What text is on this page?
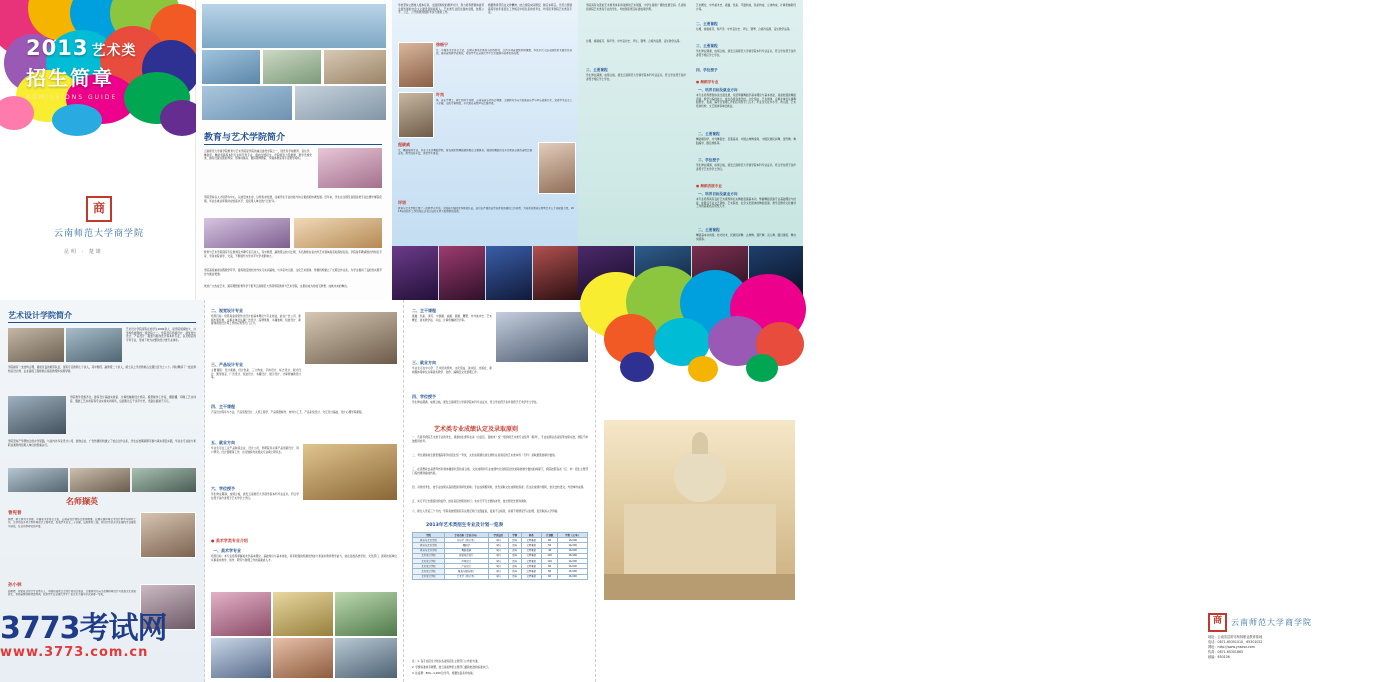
2013 艺术类
招生简章
ADMISSIONS GUIDE
商
云南师范大学商学院
昆明 · 楚雄
教育与艺术学院简介
云南师范大学商学院教育与艺术学院是学院的重点建设学院之一，现设有学前教育、音乐学、舞蹈学、舞蹈表演等本科专业和专科专业，面向全国招生。学院师资力量雄厚，教学设施先进，拥有设备完善的琴房、形体训练房、数码钢琴教室、多媒体教室等专业教学场所。
学院坚持以人才培养为中心，以质量求生存，以特色求发展，注重学生专业技能与综合素质的协调发展。近年来，学生在全国及省级各类专业比赛中屡获佳绩，毕业生就业率保持在较高水平，受到用人单位的广泛好评。
教育与艺术学院现有专任教师及外聘专家百余人，其中教授、副教授占较大比例，多名教师在省内外艺术领域具有较高知名度。学院常年聘请国内外知名专家、学者来院讲学、交流，不断提升办学水平与学术影响力。
学院高度重视实践教学环节，建有稳定的校内外实习实训基地，与多家幼儿园、文化艺术团体、传媒机构建立了长期合作关系，为学生提供了良好的实践平台与就业渠道。
欢迎广大热爱艺术、富有理想的青年学子报考云南师范大学商学院教育与艺术学院，这里将成为你放飞梦想、成就未来的舞台。
学校坚持立德树人根本任务，全面贯彻党的教育方针，努力培养德智体美劳全面发展的社会主义建设者和接班人。艺术类专业招生面向全国，按照公平、公正、公开的原则组织考试与录取工作。
根据教育部有关文件精神，结合我院实际情况，制定本简章。凡符合普通高等学校年度招生工作规定中报名条件的考生，均可报考我院艺术类各专业。
徐畅宁
女，中国美术家协会会员，长期从事美术教育与创作研究，主持多项省部级科研课题，作品多次入选全国性美术展览并获奖。曾获省级教学成果奖，指导学生在全国大学生艺术展演中获得优异成绩。
叶岚
男，音乐学博士，硕士研究生导师，云南省音乐家协会理事。主要研究方向为民族音乐学与声乐表演艺术，发表学术论文三十余篇，出版专著两部，多次担任省级声乐比赛评委。
程颖威
女，舞蹈编导专业，毕业于北京舞蹈学院，曾在国家级舞蹈团体担任主要演员。编创的舞蹈作品多次荣获全国及省级比赛金奖，教学经验丰富，深受学生喜爱。
评语
教育与艺术学院汇聚了一批教学水平高、实践能力强的优秀师资队伍。他们以严谨的治学态度和饱满的工作热情，为培养高素质应用型艺术人才贡献着力量，2013年的招生工作也将在这支队伍的支持下取得新的成绩。
学院具有完善的艺术教育体系和浓厚的艺术氛围，为学生提供广阔的发展空间。凡录取到我院艺术类各专业的学生，均按国家规定标准收取学费。
艺术概论、中外美术史、素描、色彩、平面构成、色彩构成、立体构成、计算机辅助设计等。
二、主要课程
乐理、视唱练耳、和声学、中外音乐史、声乐、钢琴、合唱与指挥、音乐教学法等。
三、主要课程
学生修业期满，成绩合格，颁发云南师范大学商学院本科毕业证书，符合学位授予条件者授予相应学士学位。
四、学位授予
● 舞蹈学专业
一、培养目标及就业方向
本专业培养德智体美全面发展，系统掌握舞蹈学基本理论与基本技能，具备较强的舞蹈表演、教学与编创能力，能在各级各类学校、文化馆站、艺术团体、企事业单位从事舞蹈教学、表演、编导及管理工作的应用型专门人才。毕业生可在中小学、幼儿园、艺术培训机构、文艺团体等单位就业。
二、主要课程
舞蹈解剖学、中外舞蹈史、芭蕾基训、中国古典舞身韵、中国民族民间舞、现代舞、舞蹈编导、剧目排练等。
三、学位授予
学生修业期满，成绩合格，颁发云南师范大学商学院本科毕业证书，符合学位授予条件者授予艺术学学士学位。
● 舞蹈表演专业
一、培养目标及就业方向
本专业培养具有良好艺术素养和扎实舞蹈表演基本功，掌握舞蹈表演专业基础理论与技能，能胜任专业文艺团体、艺术院校、社会文化团体的舞蹈表演、教学及群众文化辅导工作的高素质应用型人才。
二、主要课程
舞蹈基本功训练、技巧技术、民族民间舞、古典舞、现代舞、双人舞、剧目排练、舞台实践等。
乐理、视唱练耳、和声学、中外音乐史、声乐、钢琴、合唱与指挥、音乐教学法等。
三、主要课程
学生修业期满，成绩合格，颁发云南师范大学商学院本科毕业证书，符合学位授予条件者授予相应学士学位。
艺术设计学院简介
艺术设计学院现有在校学生2000余人，是学院规模较大、办学特色鲜明的二级学院之一。学院设有环境设计、视觉传达设计、产品设计、服装与服饰设计等本科专业，以及相应的专科专业，形成了较为完整的设计类专业体系。
学院拥有一支结构合理、素质优良的师资队伍，现有专任教师七十余人，其中教授、副教授二十余人，硕士以上学历教师占比超过百分之八十。同时聘请了一批业界知名设计师、企业高级工程师担任客座教授和实践导师。
学院教学设施齐全，建有设计基础实验室、计算机辅助设计机房、模型制作工作室、摄影棚、印刷工艺实训室、服装工艺实训室等专业实验实训场所，总面积达五千余平方米，设备总值逾千万元。
学院坚持产学研结合的办学思路，与省内外多家设计公司、装饰企业、广告传媒机构建立了校企合作关系，学生在校期间即可参与真实项目实践，毕业生专业能力和职业素养得到用人单位的普遍认可。
名师撷英
曾宪普
教授，硕士研究生导师，中国美术家协会会员，云南省设计师协会常务理事。长期从事环境艺术设计教学与研究工作，主持完成多项大型环境设计工程项目，发表学术论文二十余篇，出版教材三部。其设计作品多次在国内专业展览中获奖，在业内享有较高声誉。
孙小林
副教授，视觉传达设计专业带头人，中国包装联合会设计委员会委员。主要研究方向为品牌形象设计与民族文化视觉转化，承担省级科研项目两项，指导学生在全国大学生广告艺术大赛中多次获得一等奖。
二、视觉设计专业
培养目标：培养具备视觉传达设计的基本理论与专业技能，能在广告公司、新闻出版机构、企事业单位从事广告设计、品牌策划、书籍装帧、包装设计、新媒体视觉设计等工作的应用型专门人才。
三、产品设计专业
主要课程：设计素描、设计色彩、三大构成、字体设计、标志设计、版式设计、图形创意、广告设计、包装设计、书籍设计、展示设计、计算机辅助设计等。
四、主干课程
产品设计程序与方法、产品造型设计、人机工程学、产品模型制作、材料与工艺、产品系统设计、交互设计基础、设计心理学等课程。
五、就业方向
毕业生可在工业产品制造企业、设计公司、科研院所从事产品创新设计、用户研究、设计管理等工作，也可继续攻读相关专业硕士研究生。
六、学位授予
学生修业期满，成绩合格，颁发云南师范大学商学院本科毕业证书，符合学位授予条件者授予艺术学学士学位。
● 美术学类专业介绍
一、美术学专业
培养目标：本专业培养掌握美术学基本理论、基础知识与基本技能，具有较强的绘画创作能力和美术教育教学能力，能在各级各类学校、文化部门、新闻出版单位从事美术教学、创作、研究与管理工作的高素质人才。
二、主干课程
素描、色彩、速写、中国画、油画、版画、雕塑、中外美术史、艺术概论、美术教学法、书法、计算机辅助设计等。
三、就业方向
毕业生可在中小学、艺术培训机构、文化馆站、美术馆、出版社、新闻媒体等单位从事美术教学、创作、编辑及文化管理工作。
四、学位授予
学生修业期满，成绩合格，颁发云南师范大学商学院本科毕业证书，符合学位授予条件者授予艺术学学士学位。
艺术类专业成绩认定及录取原则
一、凡报考我院艺术类专业的考生，须参加生源所在省（自治区、直辖市）统一组织的艺术类专业统考（联考），专业成绩以各省统考成绩为准，我院不单独组织校考。
二、考生须参加全国普通高等学校招生统一考试，文化成绩须达到生源所在省划定的艺术类本科（专科）录取最低控制分数线。
三、在思想政治品德考核和身体健康状况检查合格、文化成绩和专业成绩均达到相应批次录取控制分数线的前提下，我院按照各省（区、市）招生主管部门投档规则接收档案。
四、对进档考生，按专业成绩从高到低排序择优录取；专业成绩相同时，优先录取文化成绩较高者；若文化成绩仍相同，依次比较语文、外语单科成绩。
五、实行平行志愿投档的省份，按各省投档规则执行；未实行平行志愿的省份，按志愿优先原则录取。
六、新生入学后三个月内，学院将按照国家有关规定进行全面复查，复查不合格者，将视不同情况予以处理，直至取消入学资格。
2013年艺术类招生专业及计划一览表
学院	专业名称（专业方向）	学历层次	学制	科类	计划数	学费（元/年）
教育与艺术学院	音乐学（师范类）	本科	四年	文理兼招	60	16,000
教育与艺术学院	舞蹈学	本科	四年	文理兼招	50	16,000
教育与艺术学院	舞蹈表演	本科	四年	文理兼招	40	16,000
艺术设计学院	视觉传达设计	本科	四年	文理兼招	120	16,000
艺术设计学院	环境设计	本科	四年	文理兼招	120	16,000
艺术设计学院	产品设计	本科	四年	文理兼招	60	16,000
艺术设计学院	服装与服饰设计	本科	四年	文理兼招	60	16,000
艺术设计学院	美术学（师范类）	本科	四年	文理兼招	60	16,000
注：1. 各专业招生计划以各省级招生主管部门公布的为准。
2. 学费标准如有调整，按云南省物价主管部门最新批准的标准执行。
3. 住宿费：800—1,200元/学年，根据住宿条件收取。
商	云南师范大学商学院
地址：云南省昆明市杨林职业教育基地
电话：0871-65301010、65301022
网址：http://www.ynsdsx.com
传真：0871-65301665
邮编：650106
3773考试网
www.3773.com.cn
